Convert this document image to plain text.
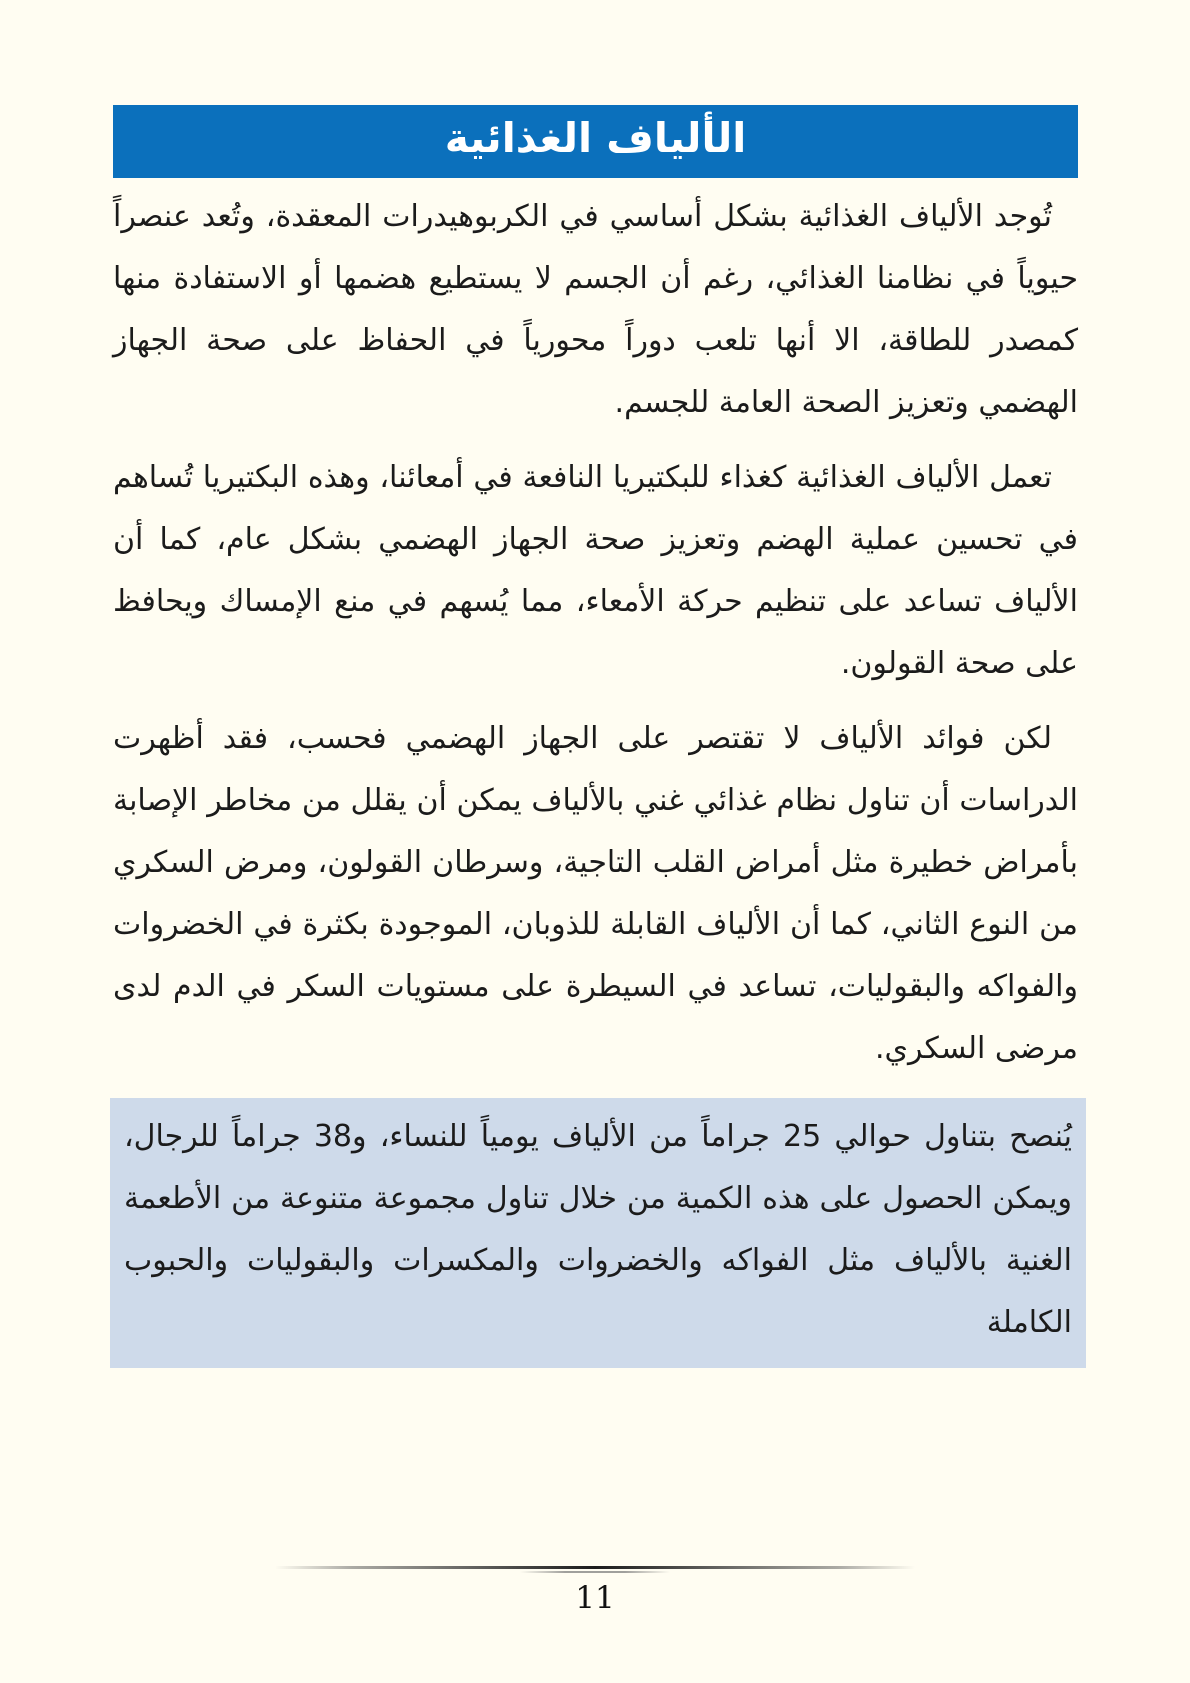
الألياف الغذائية

تُوجد الألياف الغذائية بشكل أساسي في الكربوهيدرات المعقدة، وتُعد عنصراً حيوياً في نظامنا الغذائي، رغم أن الجسم لا يستطيع هضمها أو الاستفادة منها كمصدر للطاقة، الا أنها تلعب دوراً محورياً في الحفاظ على صحة الجهاز الهضمي وتعزيز الصحة العامة للجسم.

تعمل الألياف الغذائية كغذاء للبكتيريا النافعة في أمعائنا، وهذه البكتيريا تُساهم في تحسين عملية الهضم وتعزيز صحة الجهاز الهضمي بشكل عام، كما أن الألياف تساعد على تنظيم حركة الأمعاء، مما يُسهم في منع الإمساك ويحافظ على صحة القولون.

لكن فوائد الألياف لا تقتصر على الجهاز الهضمي فحسب، فقد أظهرت الدراسات أن تناول نظام غذائي غني بالألياف يمكن أن يقلل من مخاطر الإصابة بأمراض خطيرة مثل أمراض القلب التاجية، وسرطان القولون، ومرض السكري من النوع الثاني، كما أن الألياف القابلة للذوبان، الموجودة بكثرة في الخضروات والفواكه والبقوليات، تساعد في السيطرة على مستويات السكر في الدم لدى مرضى السكري.

يُنصح بتناول حوالي 25 جراماً من الألياف يومياً للنساء، و38 جراماً للرجال، ويمكن الحصول على هذه الكمية من خلال تناول مجموعة متنوعة من الأطعمة الغنية بالألياف مثل الفواكه والخضروات والمكسرات والبقوليات والحبوب الكاملة

11
